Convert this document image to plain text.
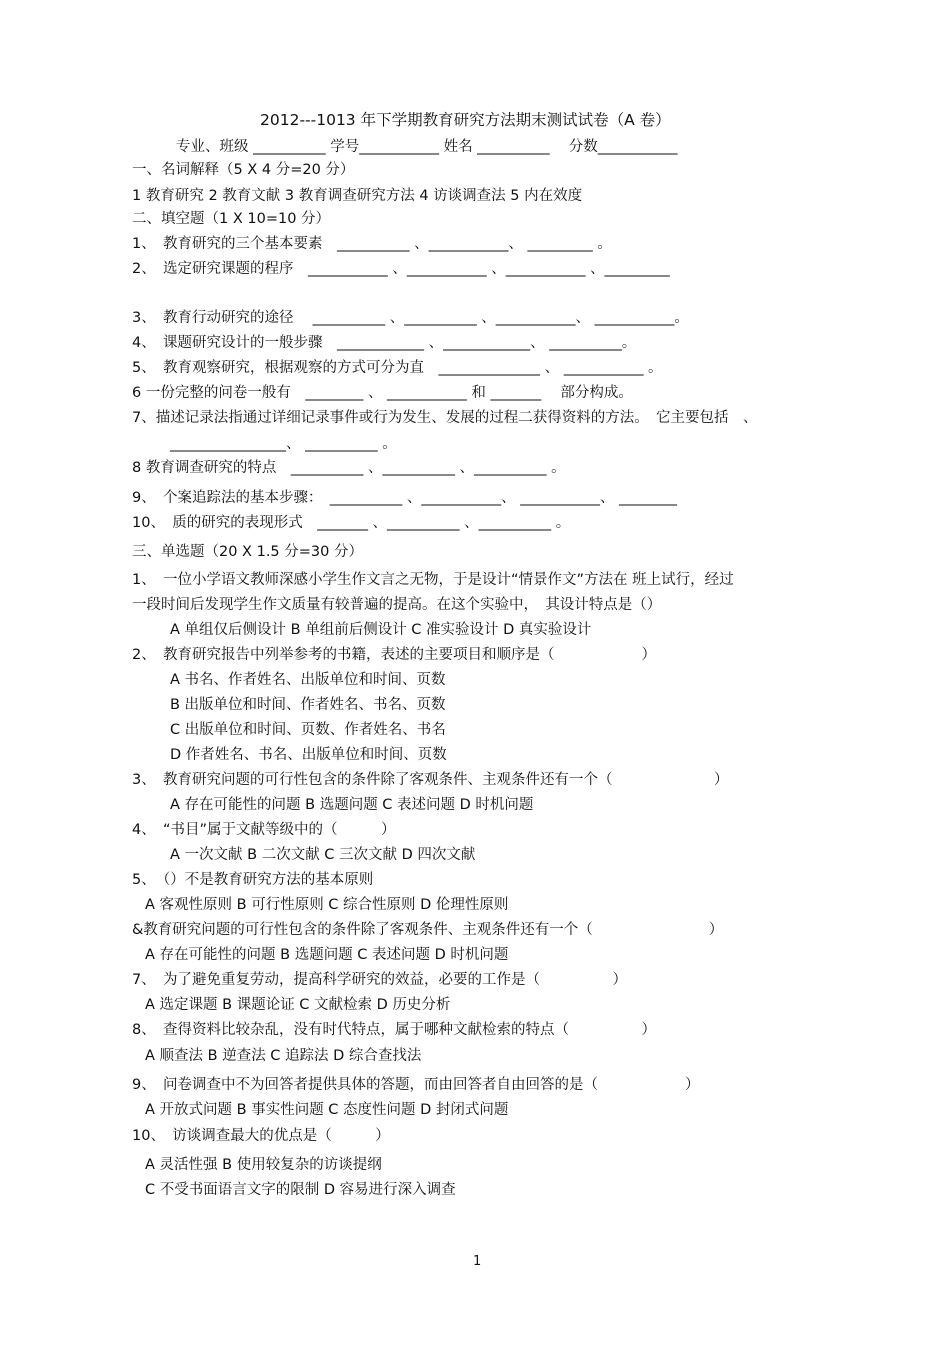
2012---1013 年下学期教育研究方法期末测试试卷（A 卷）
专业、班级 __________ 学号___________ 姓名 __________　 分数___________
一、名词解释（5 X 4 分=20 分）
1 教育研究 2 教育文献 3 教育调查研究方法 4 访谈调查法 5 内在效度
二、填空题（1 X 10=10 分）
1、　教育研究的三个基本要素　__________ 、___________、 _________ 。
2、　选定研究课题的程序　___________ 、___________ 、___________ 、_________
3、　教育行动研究的途径　 __________ 、__________ 、___________、 ___________。
4、　课题研究设计的一般步骤　____________ 、____________、 __________。
5、　教育观察研究，根据观察的方式可分为直　______________ 、 ___________ 。
6 一份完整的问卷一般有　________ 、 ___________ 和 _______ 　部分构成。
7、描述记录法指通过详细记录事件或行为发生、发展的过程二获得资料的方法。　它主要包括　、
________________、 __________ 。
8 教育调查研究的特点　__________ 、__________ 、__________ 。
9、　个案追踪法的基本步骤：　__________ 、___________、 ___________、 ________
10、　质的研究的表现形式　_______ 、__________ 、__________ 。
三、单选题（20 X 1.5 分=30 分）
1、　一位小学语文教师深感小学生作文言之无物，于是设计“情景作文”方法在 班上试行，经过
一段时间后发现学生作文质量有较普遍的提高。在这个实验中，　其设计特点是（）
A 单组仅后侧设计 B 单组前后侧设计 C 准实验设计 D 真实验设计
2、　教育研究报告中列举参考的书籍，表述的主要项目和顺序是（　　　　　　）
A 书名、作者姓名、出版单位和时间、页数
B 出版单位和时间、作者姓名、书名、页数
C 出版单位和时间、页数、作者姓名、书名
D 作者姓名、书名、出版单位和时间、页数
3、　教育研究问题的可行性包含的条件除了客观条件、主观条件还有一个（　　　　　　　）
A 存在可能性的问题 B 选题问题 C 表述问题 D 时机问题
4、　“书目”属于文献等级中的（　　　）
A 一次文献 B 二次文献 C 三次文献 D 四次文献
5、　（）不是教育研究方法的基本原则
A 客观性原则 B 可行性原则 C 综合性原则 D 伦理性原则
&教育研究问题的可行性包含的条件除了客观条件、主观条件还有一个（　　　　　　　　）
A 存在可能性的问题 B 选题问题 C 表述问题 D 时机问题
7、　为了避免重复劳动，提高科学研究的效益，必要的工作是（　　　　　）
A 选定课题 B 课题论证 C 文献检索 D 历史分析
8、　查得资料比较杂乱，没有时代特点，属于哪种文献检索的特点（　　　　　）
A 顺查法 B 逆查法 C 追踪法 D 综合查找法
9、　问卷调查中不为回答者提供具体的答题，而由回答者自由回答的是（　　　　　　）
A 开放式问题 B 事实性问题 C 态度性问题 D 封闭式问题
10、　访谈调查最大的优点是（　　　）
A 灵活性强 B 使用较复杂的访谈提纲
C 不受书面语言文字的限制 D 容易进行深入调查
1
